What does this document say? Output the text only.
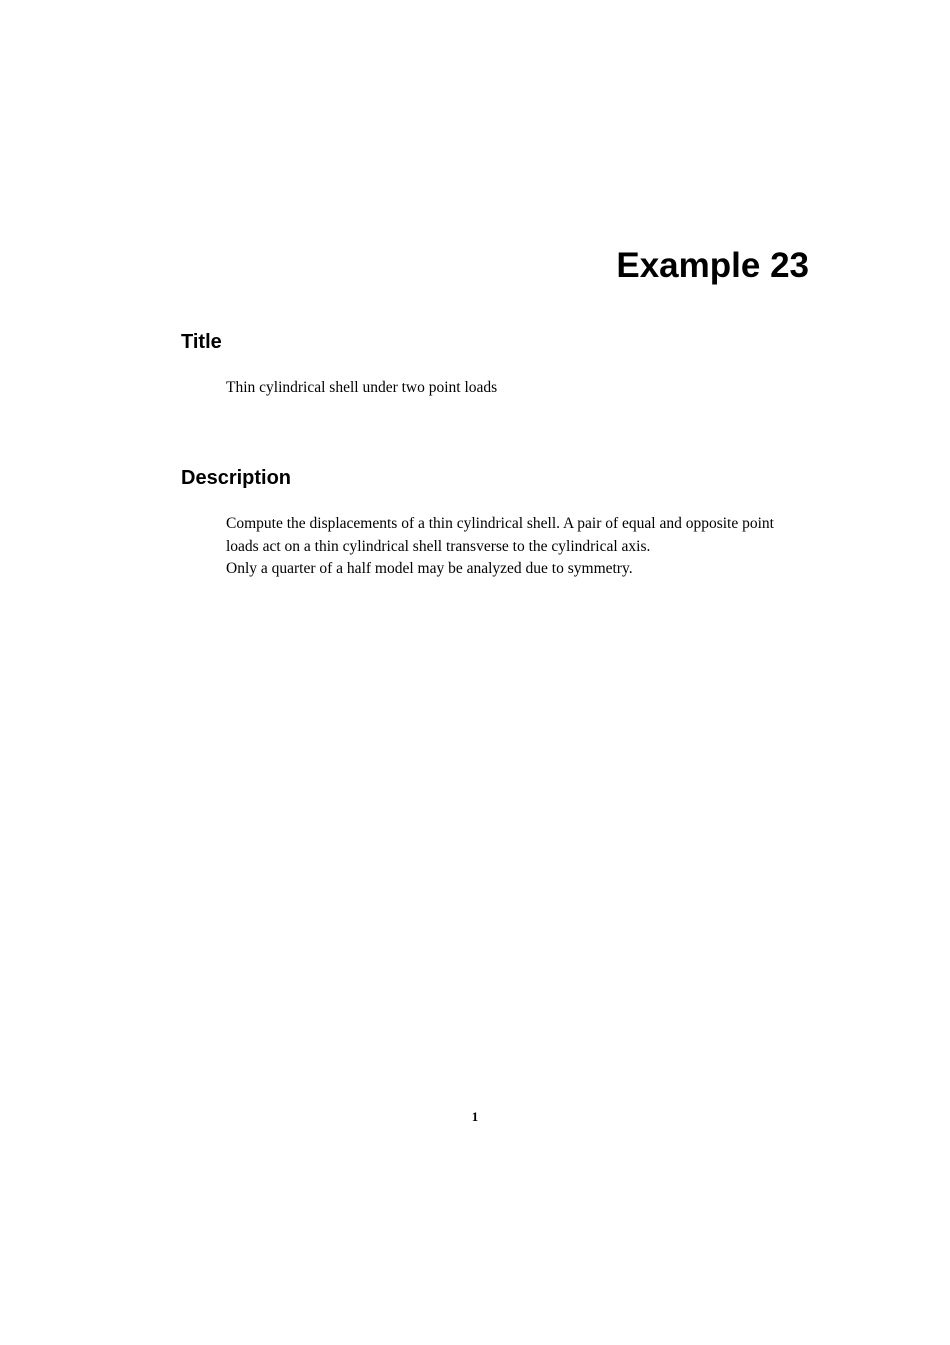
Example 23
Title

Thin cylindrical shell under two point loads

Description
Compute the displacements of a thin cylindrical shell. A pair of equal and opposite point
loads act on a thin cylindrical shell transverse to the cylindrical axis.
Only a quarter of a half model may be analyzed due to symmetry.
1
